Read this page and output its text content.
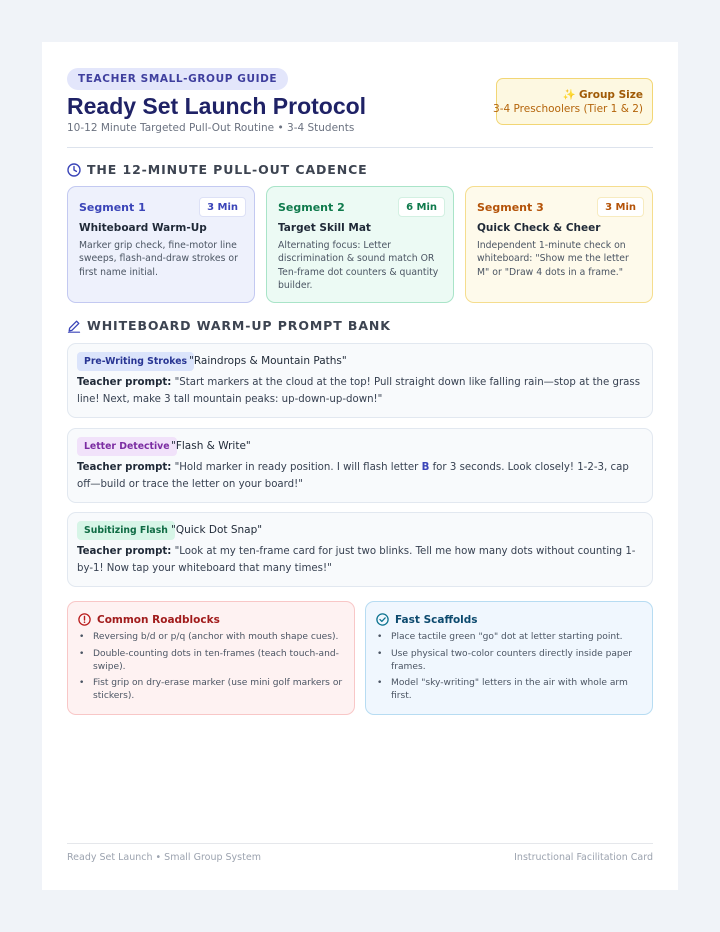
TEACHER SMALL-GROUP GUIDE
Ready Set Launch Protocol
10-12 Minute Targeted Pull-Out Routine • 3-4 Students
✨ Group Size
3-4 Preschoolers (Tier 1 & 2)
THE 12-MINUTE PULL-OUT CADENCE
Segment 1	3 Min
Whiteboard Warm-Up
Marker grip check, fine-motor line sweeps, flash-and-draw strokes or first name initial.
Segment 2	6 Min
Target Skill Mat
Alternating focus: Letter discrimination & sound match OR Ten-frame dot counters & quantity builder.
Segment 3	3 Min
Quick Check & Cheer
Independent 1-minute check on whiteboard: "Show me the letter M" or "Draw 4 dots in a frame."
WHITEBOARD WARM-UP PROMPT BANK
Pre-Writing Strokes "Raindrops & Mountain Paths"
Teacher prompt: "Start markers at the cloud at the top! Pull straight down like falling rain—stop at the grass line! Next, make 3 tall mountain peaks: up-down-up-down!"
Letter Detective "Flash & Write"
Teacher prompt: "Hold marker in ready position. I will flash letter B for 3 seconds. Look closely! 1-2-3, cap off—build or trace the letter on your board!"
Subitizing Flash "Quick Dot Snap"
Teacher prompt: "Look at my ten-frame card for just two blinks. Tell me how many dots without counting 1-by-1! Now tap your whiteboard that many times!"
Common Roadblocks
• Reversing b/d or p/q (anchor with mouth shape cues).
• Double-counting dots in ten-frames (teach touch-and-swipe).
• Fist grip on dry-erase marker (use mini golf markers or stickers).
Fast Scaffolds
• Place tactile green "go" dot at letter starting point.
• Use physical two-color counters directly inside paper frames.
• Model "sky-writing" letters in the air with whole arm first.
Ready Set Launch • Small Group System	Instructional Facilitation Card
